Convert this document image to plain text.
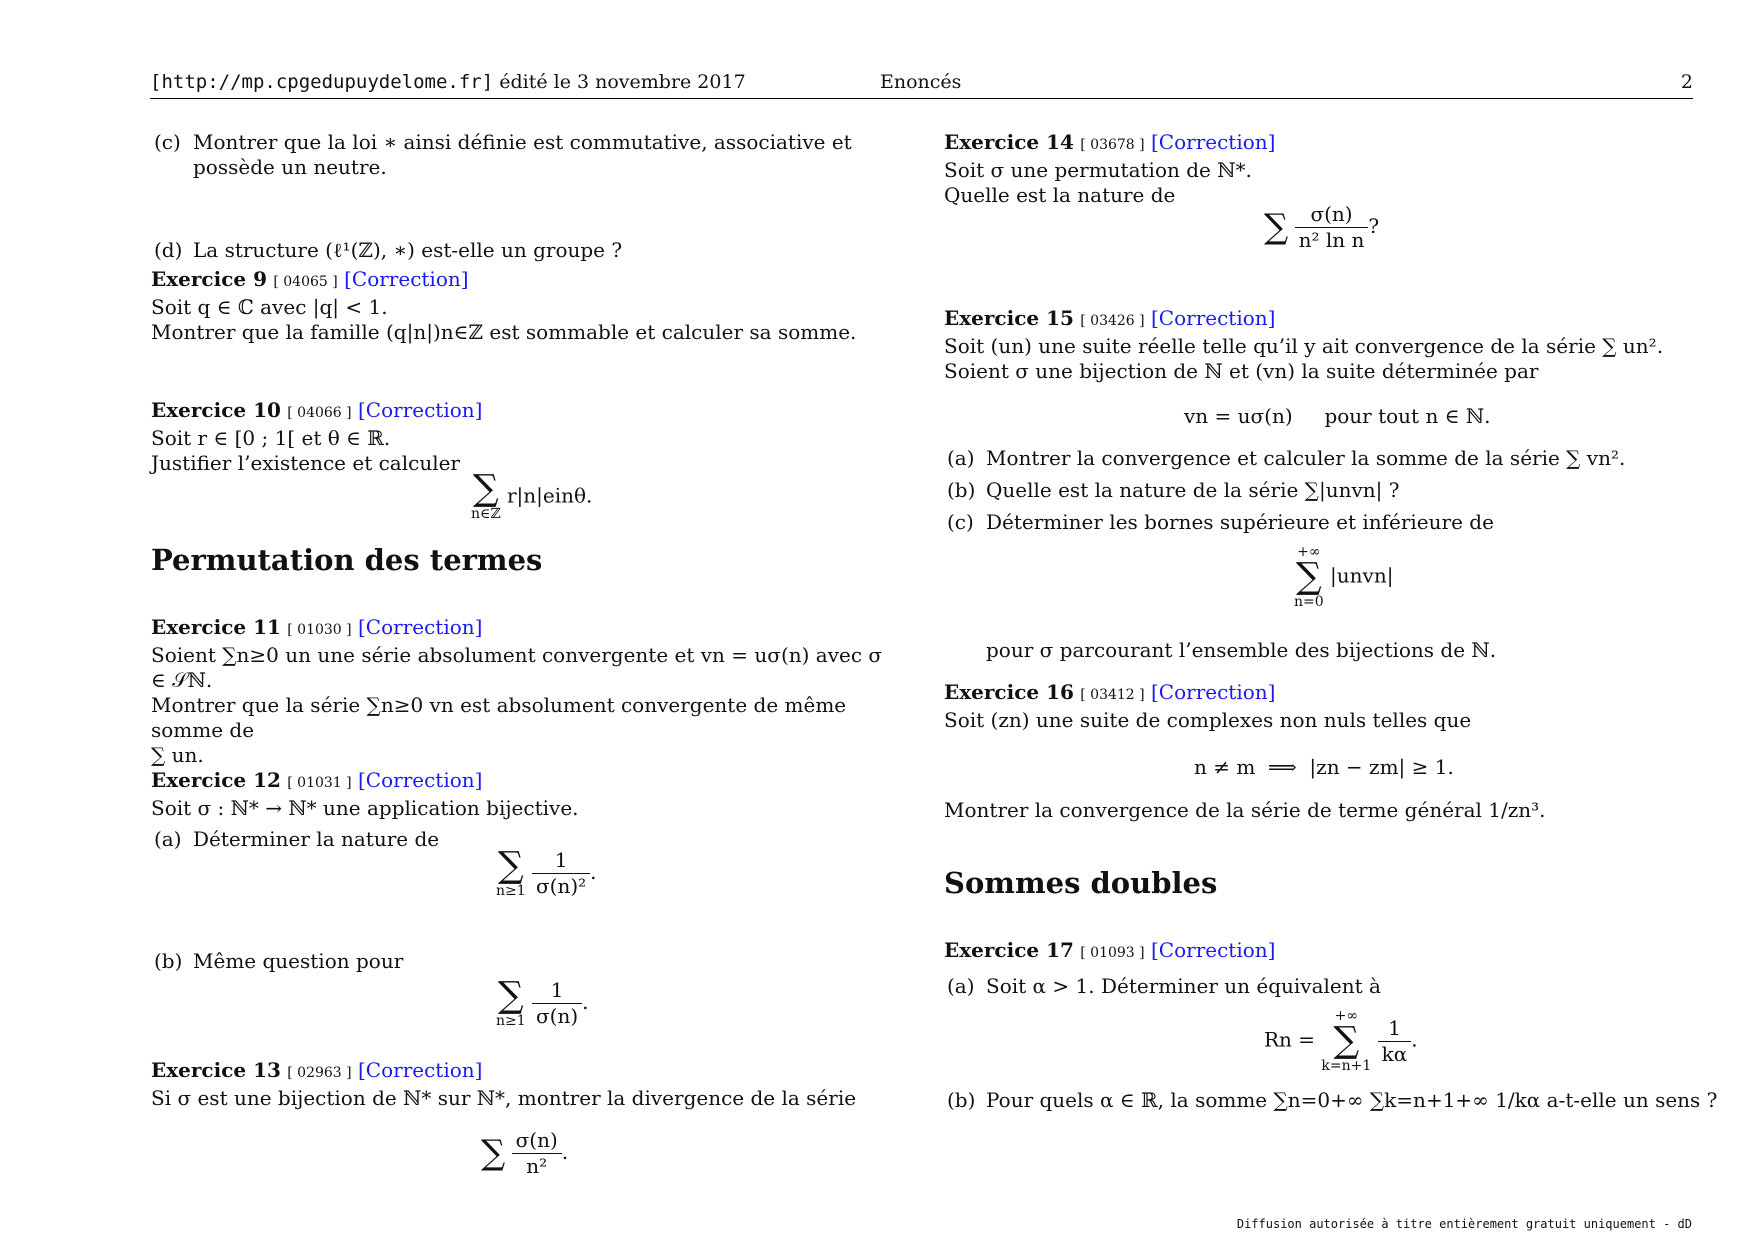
[http://mp.cpgedupuydelome.fr] édité le 3 novembre 2017	Enoncés	2
(c) Montrer que la loi ∗ ainsi définie est commutative, associative et possède un neutre.
(d) La structure (ℓ¹(ℤ), ∗) est-elle un groupe ?
Exercice 9 [ 04065 ] [Correction]
Soit q ∈ ℂ avec |q| < 1.
Montrer que la famille (q|n|)n∈ℤ est sommable et calculer sa somme.
Exercice 10 [ 04066 ] [Correction]
Soit r ∈ [0 ; 1[ et θ ∈ ℝ.
Justifier l’existence et calculer
∑
n∈ℤ
r|n|einθ.
Permutation des termes
Exercice 11 [ 01030 ] [Correction]
Soient ∑n≥0 un une série absolument convergente et vn = uσ(n) avec σ ∈ 𝒮ℕ.
Montrer que la série ∑n≥0 vn est absolument convergente de même somme de
∑ un.
Exercice 12 [ 01031 ] [Correction]
Soit σ : ℕ* → ℕ* une application bijective.
(a) Déterminer la nature de
∑
n≥1
$\frac{1}{\text{σ(n)²}}$ .
(b) Même question pour
∑
n≥1
$\frac{1}{\sigma(n)}$ .
Exercice 13 [ 02963 ] [Correction]
Si σ est une bijection de ℕ* sur ℕ*, montrer la divergence de la série
∑ $\frac{\sigma(n)}{\text{n²}}$ .
Exercice 14 [ 03678 ] [Correction]
Soit σ une permutation de ℕ*.
Quelle est la nature de
∑ $\frac{\sigma(n)}{\text{n² ln n}}$ ?
Exercice 15 [ 03426 ] [Correction]
Soit (un) une suite réelle telle qu’il y ait convergence de la série ∑ un².
Soient σ une bijection de ℕ et (vn) la suite déterminée par
vn = uσ(n)     pour tout n ∈ ℕ.
(a) Montrer la convergence et calculer la somme de la série ∑ vn².
(b) Quelle est la nature de la série ∑|unvn| ?
(c) Déterminer les bornes supérieure et inférieure de
+∞
∑
n=0
|unvn|
pour σ parcourant l’ensemble des bijections de ℕ.
Exercice 16 [ 03412 ] [Correction]
Soit (zn) une suite de complexes non nuls telles que
n ≠ m  ⟹  |zn − zm| ≥ 1.
Montrer la convergence de la série de terme général 1/zn³.
Sommes doubles
Exercice 17 [ 01093 ] [Correction]
(a) Soit α > 1. Déterminer un équivalent à
Rn =
+∞
∑
k=n+1
$\frac{1}{k\alpha}$ .
(b) Pour quels α ∈ ℝ, la somme ∑n=0+∞ ∑k=n+1+∞ 1/kα a-t-elle un sens ?
Diffusion autorisée à titre entièrement gratuit uniquement - dD
